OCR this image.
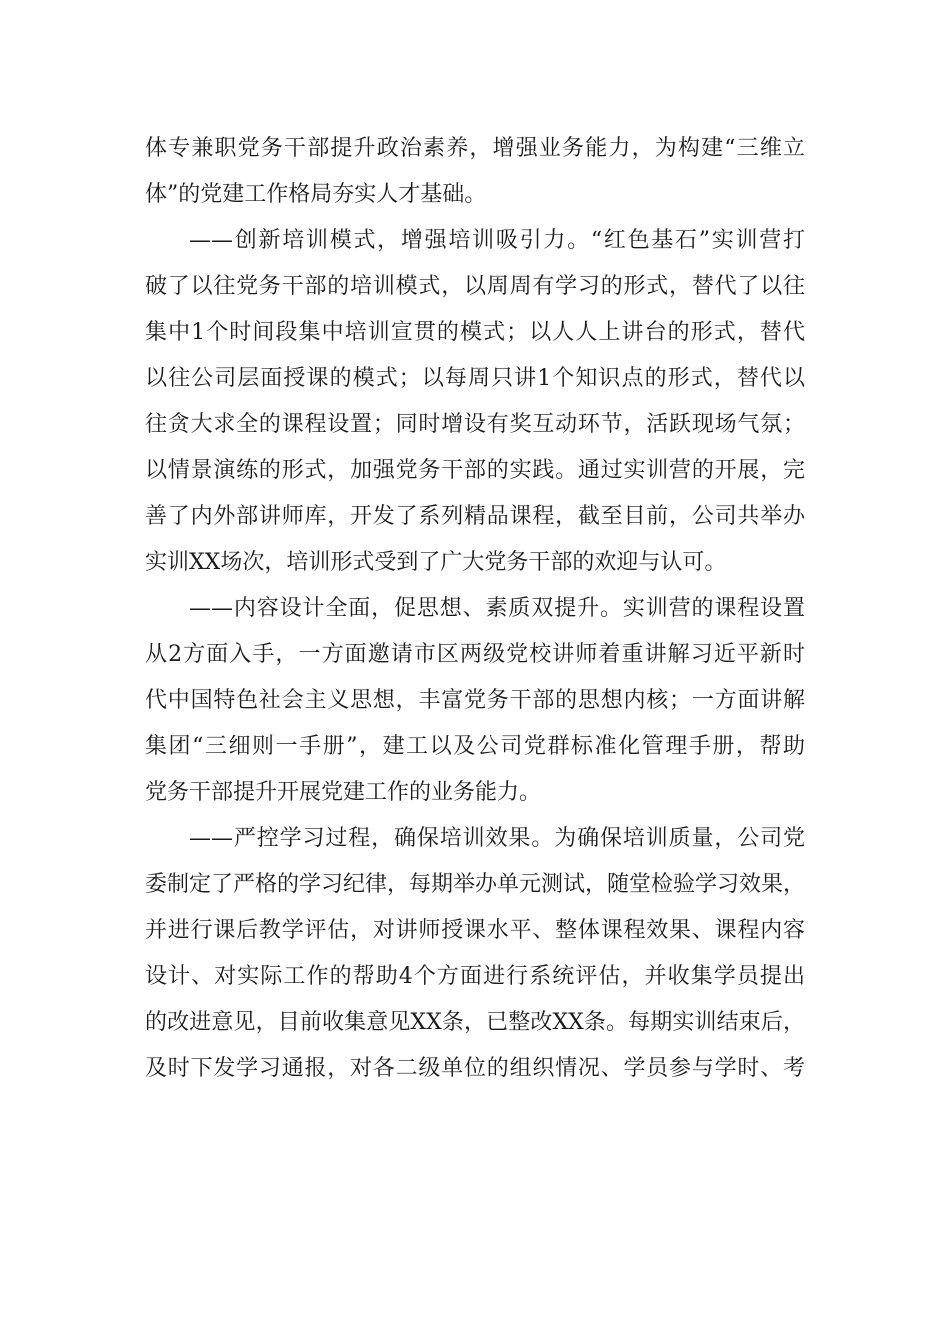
体专兼职党务干部提升政治素养，增强业务能力，为构建“三维立
体”的党建工作格局夯实人才基础。
——创新培训模式，增强培训吸引力。“红色基石”实训营打
破了以往党务干部的培训模式，以周周有学习的形式，替代了以往
集中1个时间段集中培训宣贯的模式；以人人上讲台的形式，替代
以往公司层面授课的模式；以每周只讲1个知识点的形式，替代以
往贪大求全的课程设置；同时增设有奖互动环节，活跃现场气氛；
以情景演练的形式，加强党务干部的实践。通过实训营的开展，完
善了内外部讲师库，开发了系列精品课程，截至目前，公司共举办
实训XX场次，培训形式受到了广大党务干部的欢迎与认可。
——内容设计全面，促思想、素质双提升。实训营的课程设置
从2方面入手，一方面邀请市区两级党校讲师着重讲解习近平新时
代中国特色社会主义思想，丰富党务干部的思想内核；一方面讲解
集团“三细则一手册”，建工以及公司党群标准化管理手册，帮助
党务干部提升开展党建工作的业务能力。
——严控学习过程，确保培训效果。为确保培训质量，公司党
委制定了严格的学习纪律，每期举办单元测试，随堂检验学习效果，
并进行课后教学评估，对讲师授课水平、整体课程效果、课程内容
设计、对实际工作的帮助4个方面进行系统评估，并收集学员提出
的改进意见，目前收集意见XX条，已整改XX条。每期实训结束后，
及时下发学习通报，对各二级单位的组织情况、学员参与学时、考
